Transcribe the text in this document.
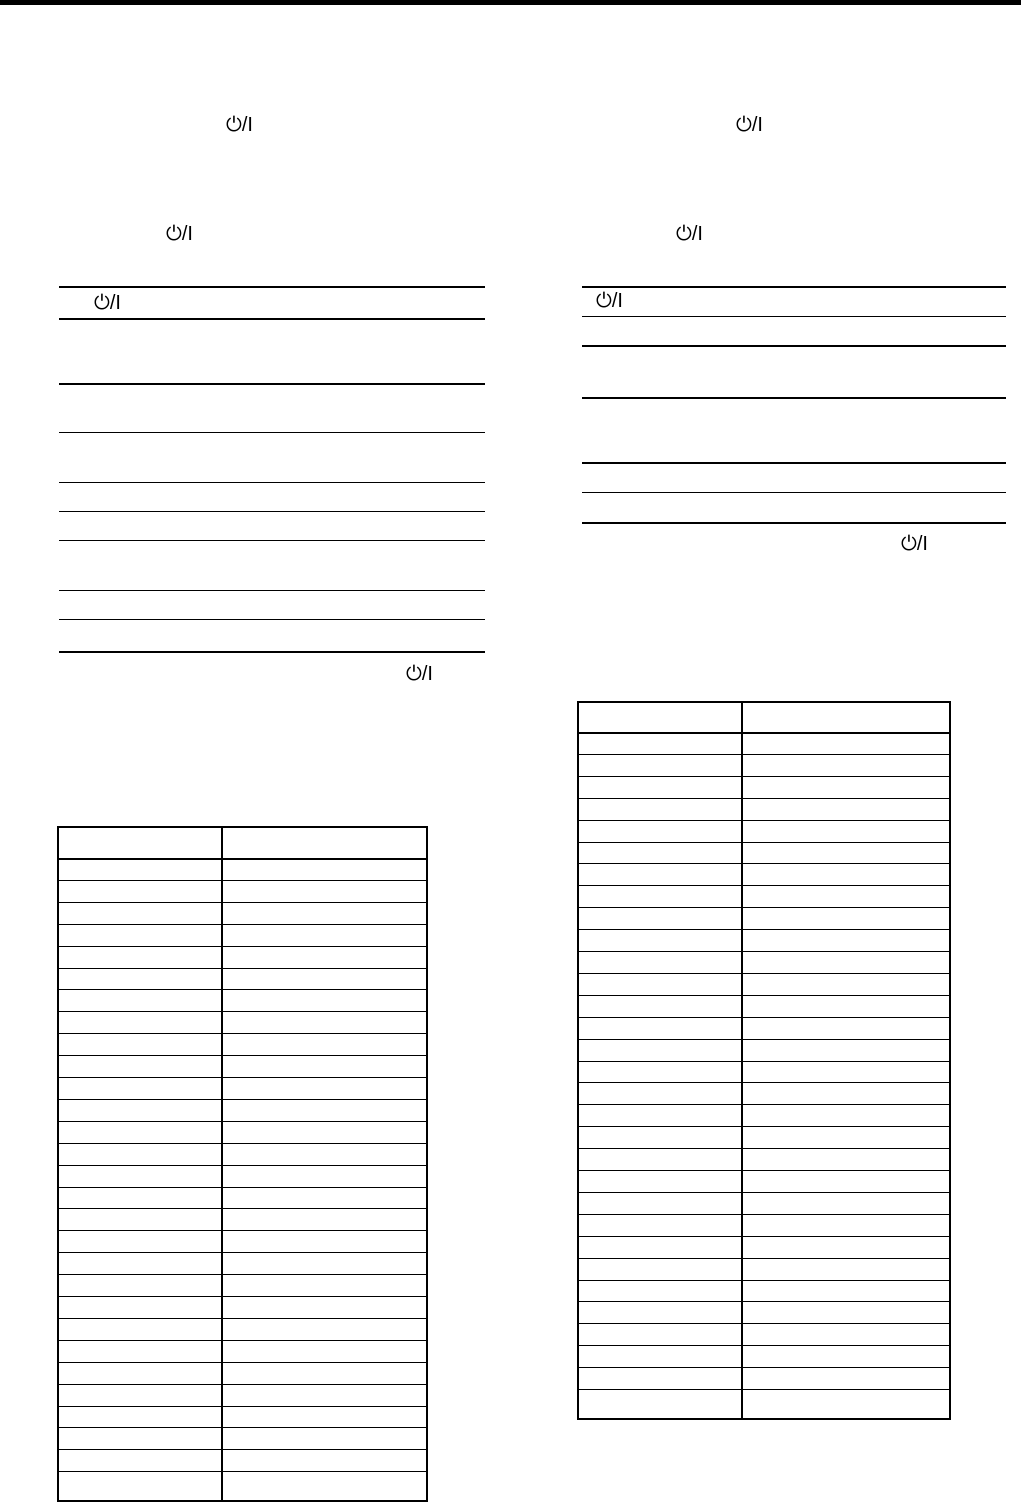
⏻/I
⏻/I
⏻/I
⏻/I
⏻/I
⏻/I
⏻/I
⏻/I
